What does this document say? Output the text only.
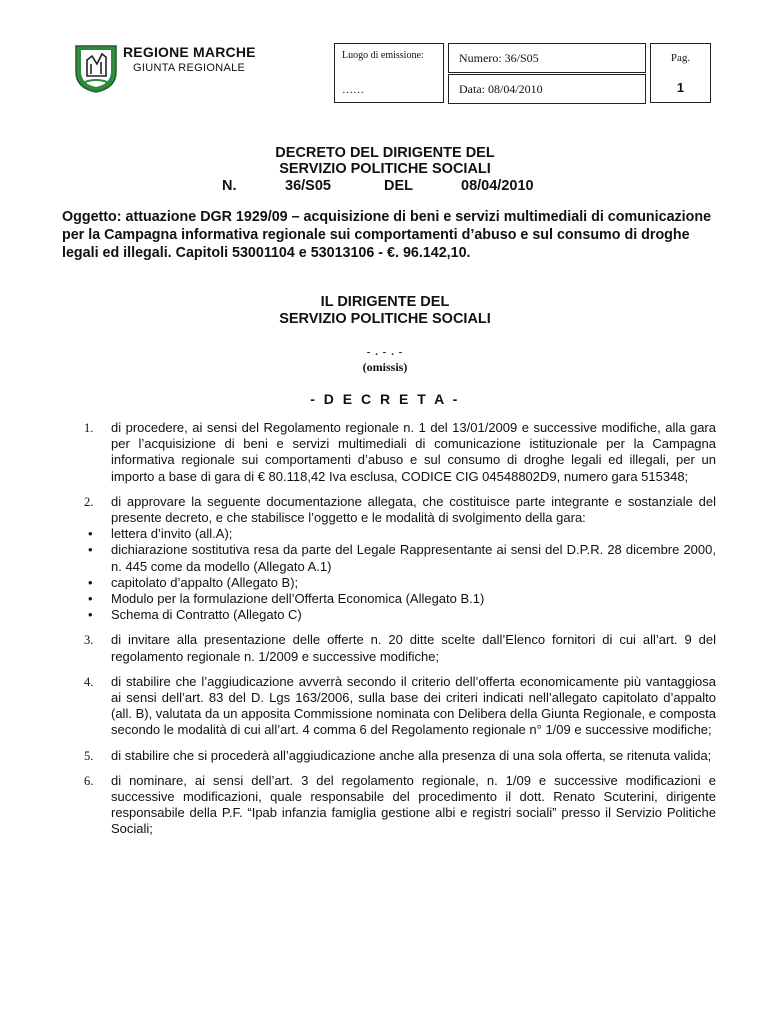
REGIONE MARCHE
GIUNTA REGIONALE
Luogo di emissione:
……
Numero: 36/S05
Data: 08/04/2010
Pag.
1
DECRETO DEL DIRIGENTE DEL
SERVIZIO POLITICHE SOCIALI
N.	36/S05	DEL	08/04/2010
Oggetto: attuazione DGR 1929/09 – acquisizione di beni e servizi multimediali di comunicazione per la Campagna informativa regionale sui comportamenti d’abuso e sul consumo di droghe legali ed illegali. Capitoli 53001104 e 53013106 - €. 96.142,10.
IL DIRIGENTE DEL
SERVIZIO POLITICHE SOCIALI
- . - . -
(omissis)
- D E C R E T A -
1. di procedere, ai sensi del Regolamento regionale n. 1 del 13/01/2009 e successive modifiche, alla gara per l’acquisizione di beni e servizi multimediali di comunicazione istituzionale per la Campagna informativa regionale sui comportamenti d’abuso e sul consumo di droghe legali ed illegali, per un importo a base di gara di € 80.118,42 Iva esclusa, CODICE CIG 04548802D9, numero gara 515348;
2. di approvare la seguente documentazione allegata, che costituisce parte integrante e sostanziale del presente decreto, e che stabilisce l’oggetto e le modalità di svolgimento della gara:
• lettera d’invito (all.A);
• dichiarazione sostitutiva resa da parte del Legale Rappresentante ai sensi del D.P.R. 28 dicembre 2000, n. 445 come da modello (Allegato A.1)
• capitolato d’appalto (Allegato B);
• Modulo per la formulazione dell’Offerta Economica (Allegato B.1)
• Schema di Contratto (Allegato C)
3. di invitare alla presentazione delle offerte n. 20 ditte scelte dall’Elenco fornitori di cui all’art. 9 del regolamento regionale n. 1/2009 e successive modifiche;
4. di stabilire che l’aggiudicazione avverrà secondo il criterio dell’offerta economicamente più vantaggiosa ai sensi dell’art. 83 del D. Lgs 163/2006, sulla base dei criteri indicati nell’allegato capitolato d’appalto (all. B), valutata da un apposita Commissione nominata con Delibera della Giunta Regionale, e composta secondo le modalità di cui all’art. 4 comma 6 del Regolamento regionale n° 1/09 e successive modifiche;
5. di stabilire che si procederà all’aggiudicazione anche alla presenza di una sola offerta, se ritenuta valida;
6. di nominare, ai sensi dell’art. 3 del regolamento regionale, n. 1/09 e successive modificazioni e successive modificazioni, quale responsabile del procedimento il dott. Renato Scuterini, dirigente responsabile della P.F. “Ipab infanzia famiglia gestione albi e registri sociali” presso il Servizio Politiche Sociali;
